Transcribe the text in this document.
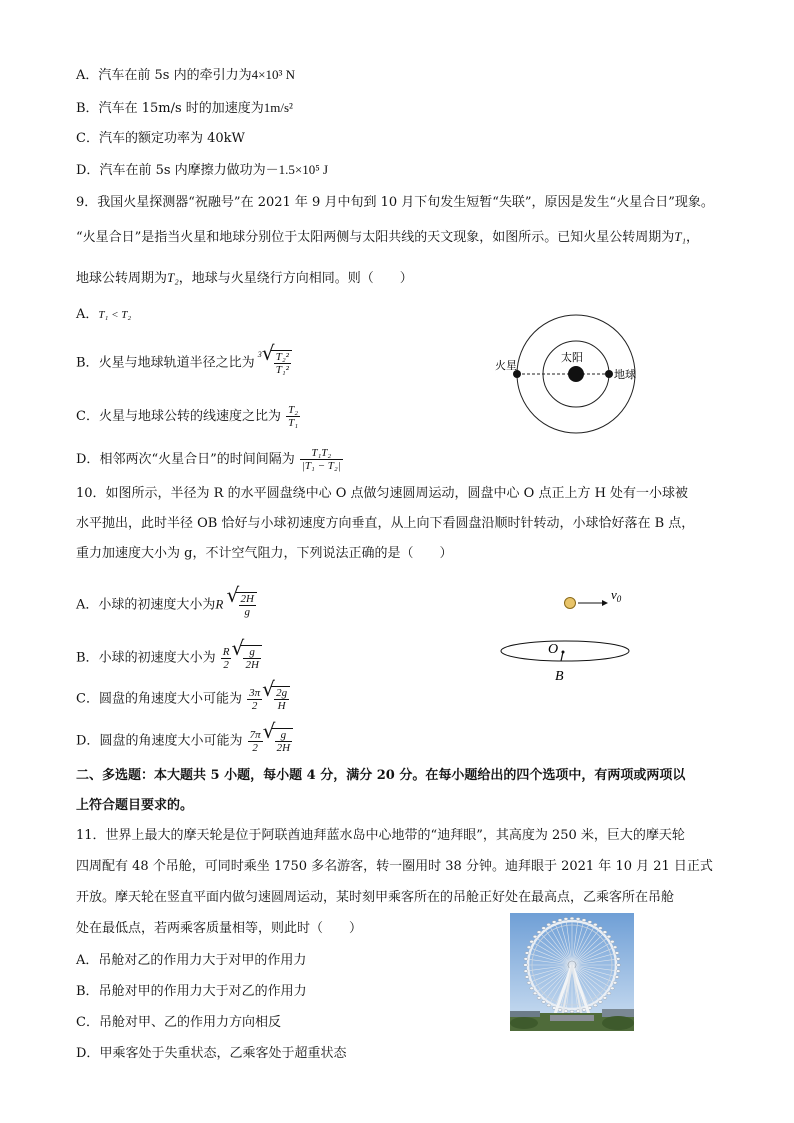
A．汽车在前 5s 内的牵引力为4×10³ N
B．汽车在 15m/s 时的加速度为1m/s²
C．汽车的额定功率为 40kW
D．汽车在前 5s 内摩擦力做功为－1.5×10⁵ J
9．我国火星探测器“祝融号”在 2021 年 9 月中旬到 10 月下旬发生短暂“失联”，原因是发生“火星合日”现象。
“火星合日”是指当火星和地球分别位于太阳两侧与太阳共线的天文现象，如图所示。已知火星公转周期为T₁，
地球公转周期为T₂，地球与火星绕行方向相同。则（　　）
A．T₁ < T₂
B．火星与地球轨道半径之比为
√ $3 \frac{\text{T₂²}}{\text{T₁²}}$
C．火星与地球公转的线速度之比为 $\frac{\text{T₂}}{\text{T₁}}$
D．相邻两次“火星合日”的时间间隔为 $\frac{\text{T₁T₂}}{\text{|T₁ − T₂|}}$
火星
太阳
地球
10．如图所示，半径为 R 的水平圆盘绕中心 O 点做匀速圆周运动，圆盘中心 O 点正上方 H 处有一小球被
水平抛出，此时半径 OB 恰好与小球初速度方向垂直，从上向下看圆盘沿顺时针转动，小球恰好落在 B 点，
重力加速度大小为 g，不计空气阻力，下列说法正确的是（　　）
A．小球的初速度大小为R √ $\frac{2H}{g}$
B．小球的初速度大小为 $\frac{R}{2}$ √ $\frac{g}{2H}$
C．圆盘的角速度大小可能为 $\frac{3\pi}{2}$ √ $\frac{2g}{H}$
D．圆盘的角速度大小可能为 $\frac{7\pi}{2}$ √ $\frac{g}{2H}$
$v_0$
O
B
二、多选题：本大题共 5 小题，每小题 4 分，满分 20 分。在每小题给出的四个选项中，有两项或两项以
上符合题目要求的。
11．世界上最大的摩天轮是位于阿联酋迪拜蓝水岛中心地带的“迪拜眼”，其高度为 250 米，巨大的摩天轮
四周配有 48 个吊舱，可同时乘坐 1750 多名游客，转一圈用时 38 分钟。迪拜眼于 2021 年 10 月 21 日正式
开放。摩天轮在竖直平面内做匀速圆周运动，某时刻甲乘客所在的吊舱正好处在最高点，乙乘客所在吊舱
处在最低点，若两乘客质量相等，则此时（　　）
A．吊舱对乙的作用力大于对甲的作用力
B．吊舱对甲的作用力大于对乙的作用力
C．吊舱对甲、乙的作用力方向相反
D．甲乘客处于失重状态，乙乘客处于超重状态
